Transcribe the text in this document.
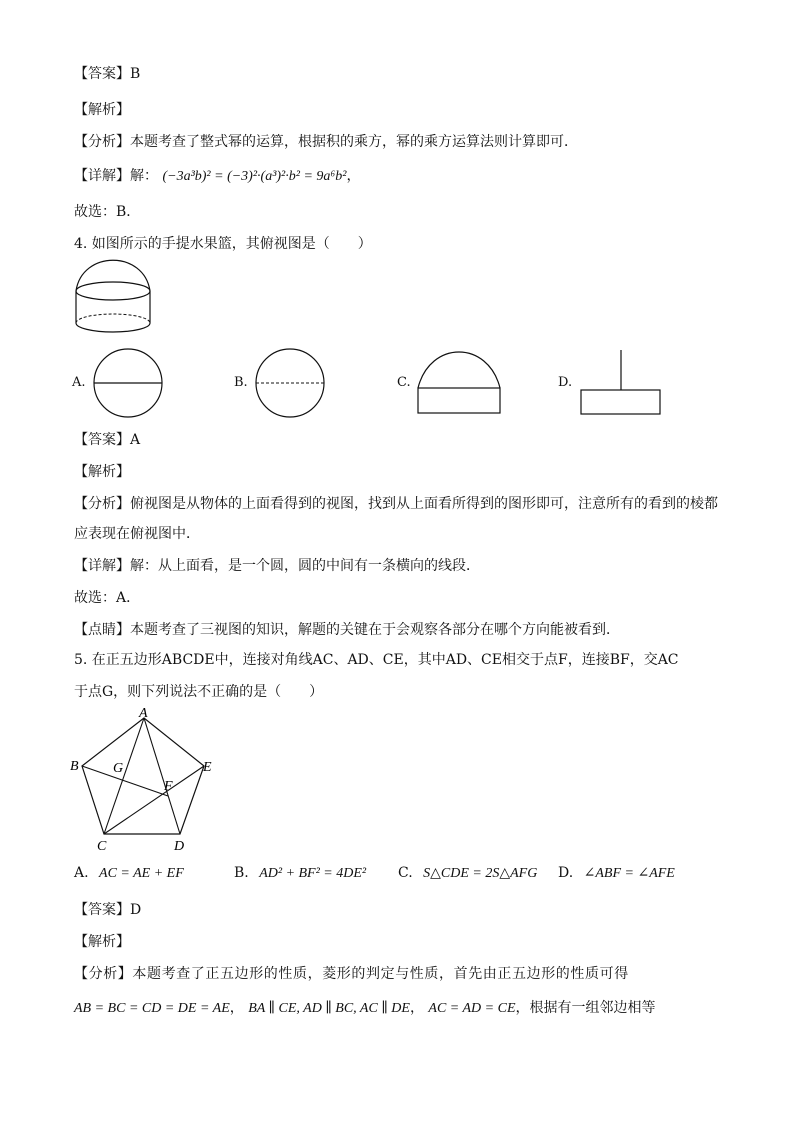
【答案】B
【解析】
【分析】本题考查了整式幂的运算，根据积的乘方，幂的乘方运算法则计算即可．
【详解】解： (−3a³b)² = (−3)²·(a³)²·b² = 9a⁶b²，
故选：B．
4. 如图所示的手提水果篮，其俯视图是（　　）
A.	B.	C.	D.
【答案】A
【解析】
【分析】俯视图是从物体的上面看得到的视图，找到从上面看所得到的图形即可，注意所有的看到的棱都
应表现在俯视图中．
【详解】解：从上面看，是一个圆，圆的中间有一条横向的线段．
故选：A．
【点睛】本题考查了三视图的知识，解题的关键在于会观察各部分在哪个方向能被看到．
5. 在正五边形ABCDE中，连接对角线AC、AD、CE，其中AD、CE相交于点F，连接BF，交AC
于点G，则下列说法不正确的是（　　）
A
B
C	D
E
F
G
A. AC = AE + EF	B. AD² + BF² = 4DE² C. S△CDE = 2S△AFG D. ∠ABF = ∠AFE
【答案】D
【解析】
【分析】本题考查了正五边形的性质，菱形的判定与性质，首先由正五边形的性质可得
AB = BC = CD = DE = AE， BA ∥ CE, AD ∥ BC, AC ∥ DE， AC = AD = CE，根据有一组邻边相等
